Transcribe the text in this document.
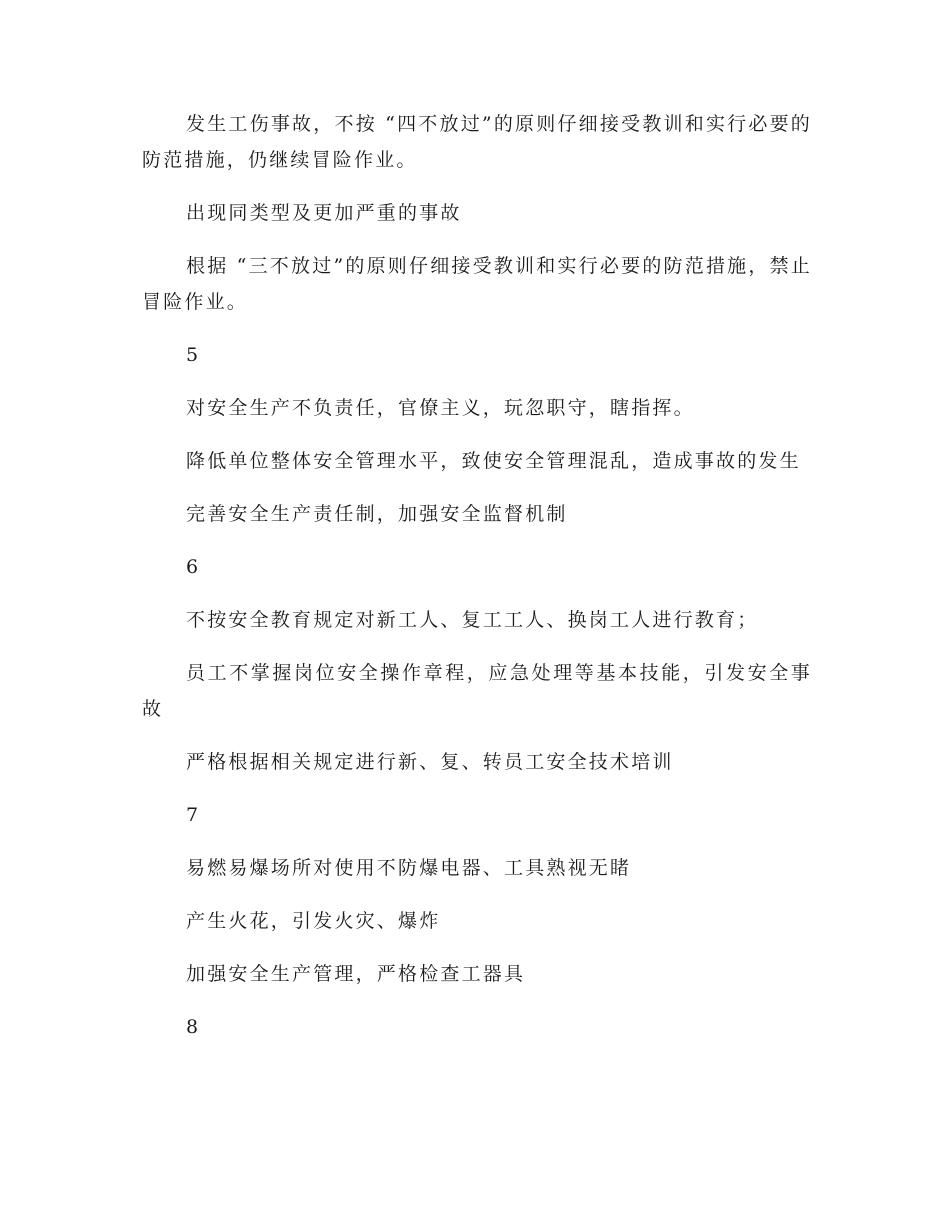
发生工伤事故，不按 “四不放过”的原则仔细接受教训和实行必要的防范措施，仍继续冒险作业。

出现同类型及更加严重的事故

根据 “三不放过”的原则仔细接受教训和实行必要的防范措施，禁止冒险作业。

5

对安全生产不负责任，官僚主义，玩忽职守，瞎指挥。

降低单位整体安全管理水平，致使安全管理混乱，造成事故的发生

完善安全生产责任制，加强安全监督机制

6

不按安全教育规定对新工人、复工工人、换岗工人进行教育；

员工不掌握岗位安全操作章程，应急处理等基本技能，引发安全事故

严格根据相关规定进行新、复、转员工安全技术培训

7

易燃易爆场所对使用不防爆电器、工具熟视无睹

产生火花，引发火灾、爆炸

加强安全生产管理，严格检查工器具

8
